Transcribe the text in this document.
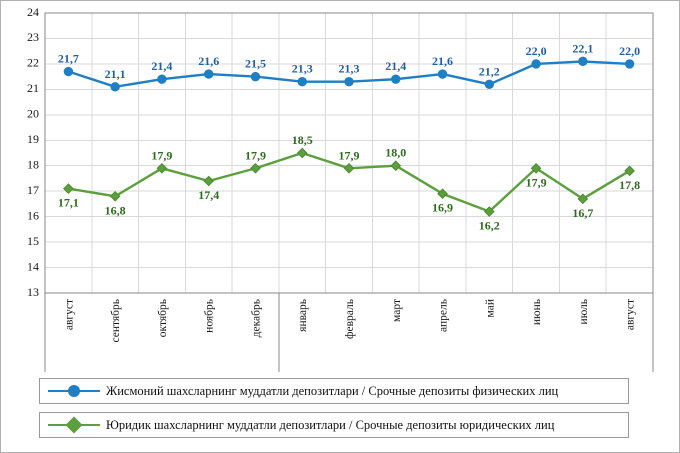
13
14
15
16
17
18
19
20
21
22
23
24
август	сентябрь	октябрь	ноябрь	декабрь	январь	февраль	март	апрель	май	июнь	июль	август
21,7
21,1
21,4 21,6 21,5 21,3 21,3 21,4 21,6
21,2
22,0 22,1 22,0
17,1
16,8
17,9
17,4
17,9
18,5
17,9 18,0
16,9
16,2
17,9
16,7
17,8
Жисмоний шахсларнинг муддатли депозитлари / Срочные депозиты физических лиц
Юридик шахсларнинг муддатли депозитлари / Срочные депозиты юридических лиц
